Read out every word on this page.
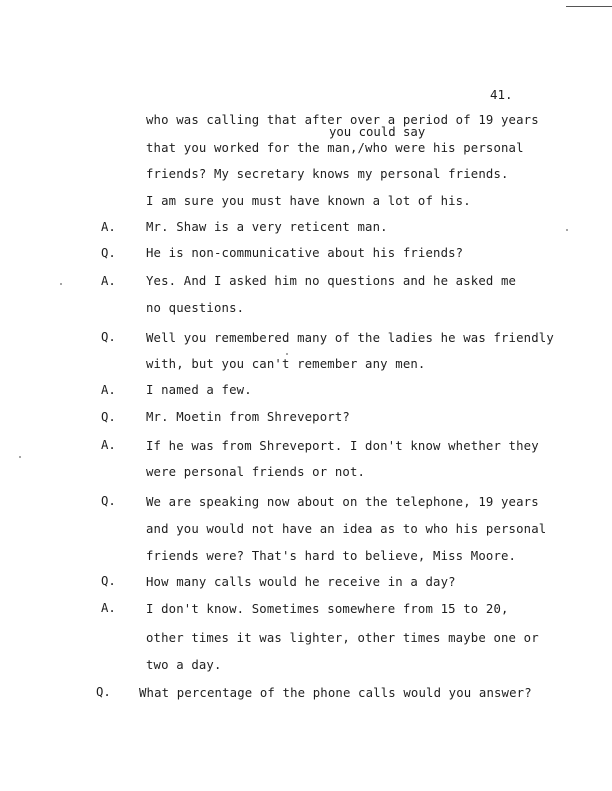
41.
who was calling that after over a period of 19 years
you could say
that you worked for the man,/who were his personal
friends? My secretary knows my personal friends.
I am sure you must have known a lot of his.
A. Mr. Shaw is a very reticent man.
Q. He is non-communicative about his friends?
A. Yes. And I asked him no questions and he asked me
no questions.
Q. Well you remembered many of the ladies he was friendly
with, but you can't remember any men.
A. I named a few.
Q. Mr. Moetin from Shreveport?
A. If he was from Shreveport. I don't know whether they
were personal friends or not.
Q. We are speaking now about on the telephone, 19 years
and you would not have an idea as to who his personal
friends were? That's hard to believe, Miss Moore.
Q. How many calls would he receive in a day?
A. I don't know. Sometimes somewhere from 15 to 20,
other times it was lighter, other times maybe one or
two a day.
Q. What percentage of the phone calls would you answer?
